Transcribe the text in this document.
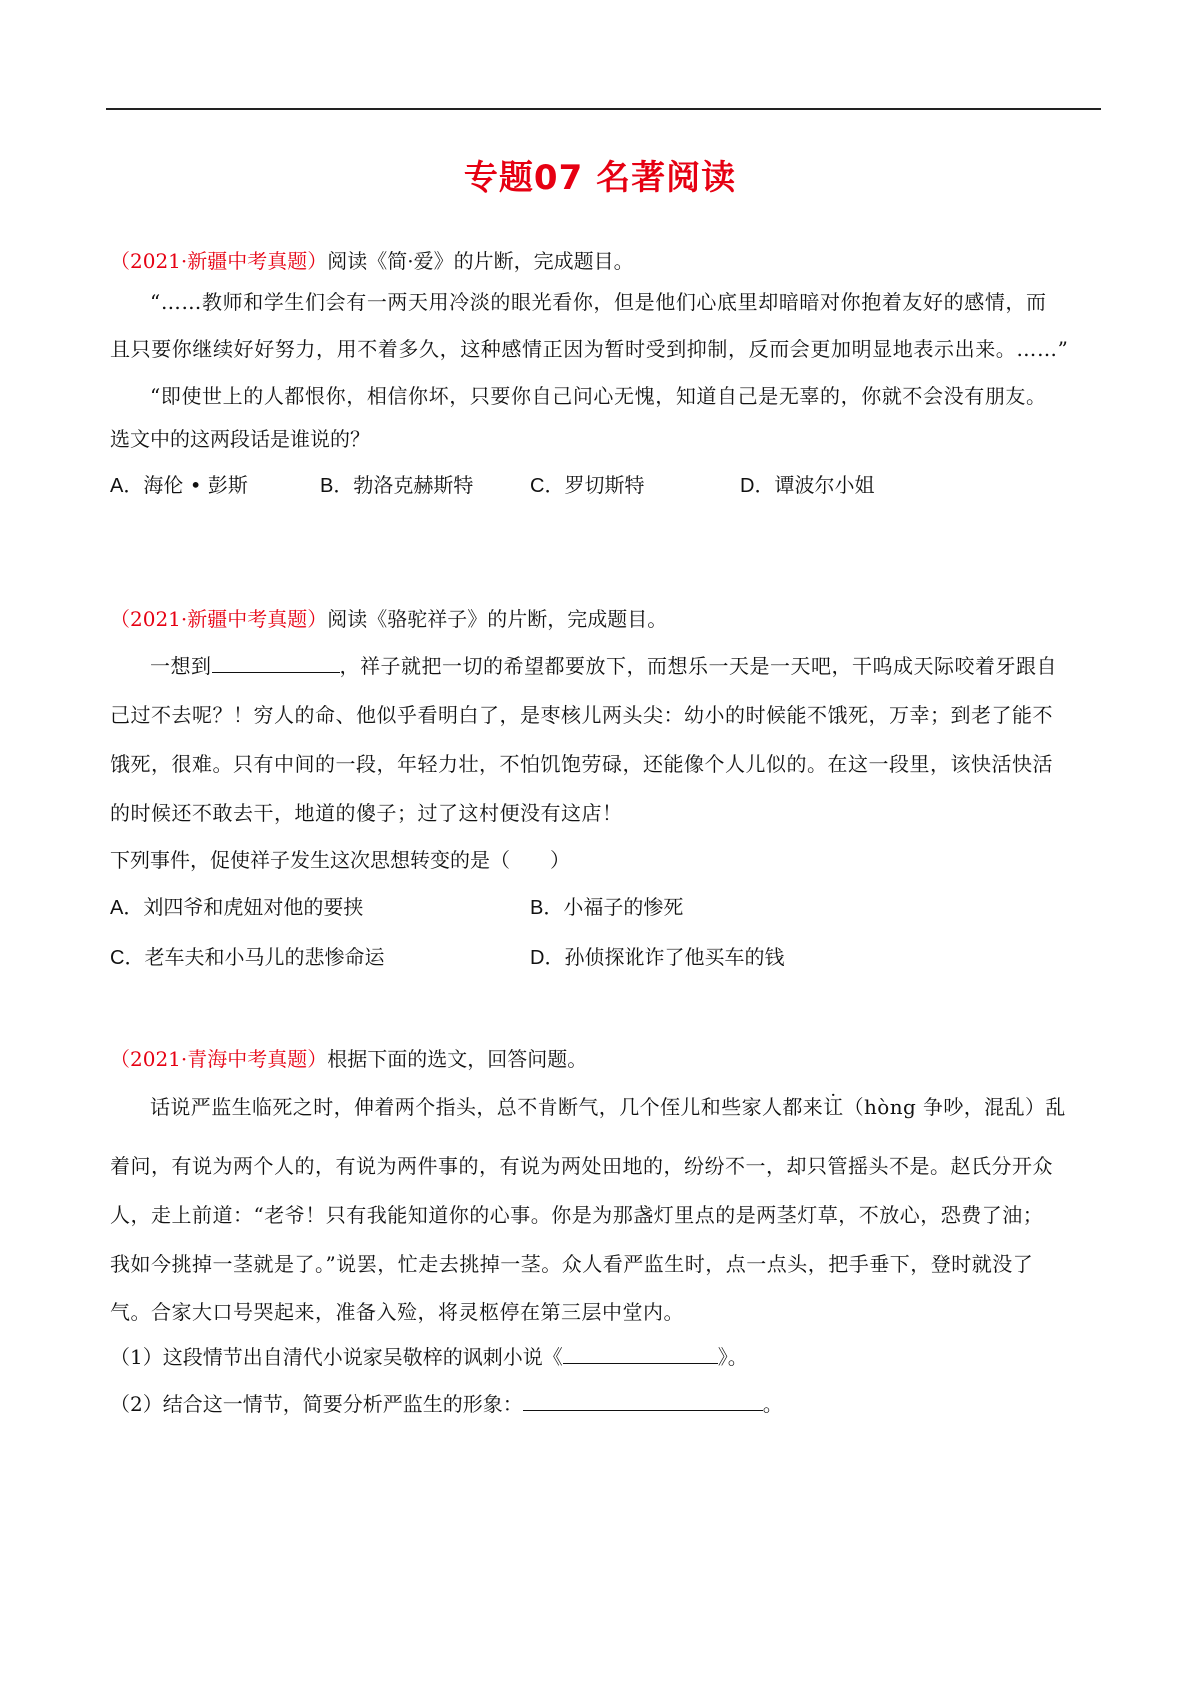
专题07 名著阅读
（2021·新疆中考真题）阅读《简·爱》的片断，完成题目。
“……教师和学生们会有一两天用冷淡的眼光看你，但是他们心底里却暗暗对你抱着友好的感情，而
且只要你继续好好努力，用不着多久，这种感情正因为暂时受到抑制，反而会更加明显地表示出来。……”
“即使世上的人都恨你，相信你坏，只要你自己问心无愧，知道自己是无辜的，你就不会没有朋友。
选文中的这两段话是谁说的？
A．海伦 • 彭斯	B．勃洛克赫斯特	C．罗切斯特	D．谭波尔小姐
（2021·新疆中考真题）阅读《骆驼祥子》的片断，完成题目。
一想到	，祥子就把一切的希望都要放下，而想乐一天是一天吧，干呜成天际咬着牙跟自
己过不去呢？！穷人的命、他似乎看明白了，是枣核儿两头尖：幼小的时候能不饿死，万幸；到老了能不
饿死，很难。只有中间的一段，年轻力壮，不怕饥饱劳碌，还能像个人儿似的。在这一段里，该快活快活
的时候还不敢去干，地道的傻子；过了这村便没有这店！
下列事件，促使祥子发生这次思想转变的是（　　）
A．刘四爷和虎妞对他的要挟	B．小福子的惨死
C．老车夫和小马儿的悲惨命运	D．孙侦探讹诈了他买车的钱
（2021·青海中考真题）根据下面的选文，回答问题。
话说严监生临死之时，伸着两个指头，总不肯断气，几个侄儿和些家人都来讧（hòng 争吵，混乱）乱
着问，有说为两个人的，有说为两件事的，有说为两处田地的，纷纷不一，却只管摇头不是。赵氏分开众
人，走上前道：“老爷！只有我能知道你的心事。你是为那盏灯里点的是两茎灯草，不放心，恐费了油；
我如今挑掉一茎就是了。”说罢，忙走去挑掉一茎。众人看严监生时，点一点头，把手垂下，登时就没了
气。合家大口号哭起来，准备入殓，将灵柩停在第三层中堂内。
（1）这段情节出自清代小说家吴敬梓的讽刺小说《	》。
（2）结合这一情节，简要分析严监生的形象：	。
